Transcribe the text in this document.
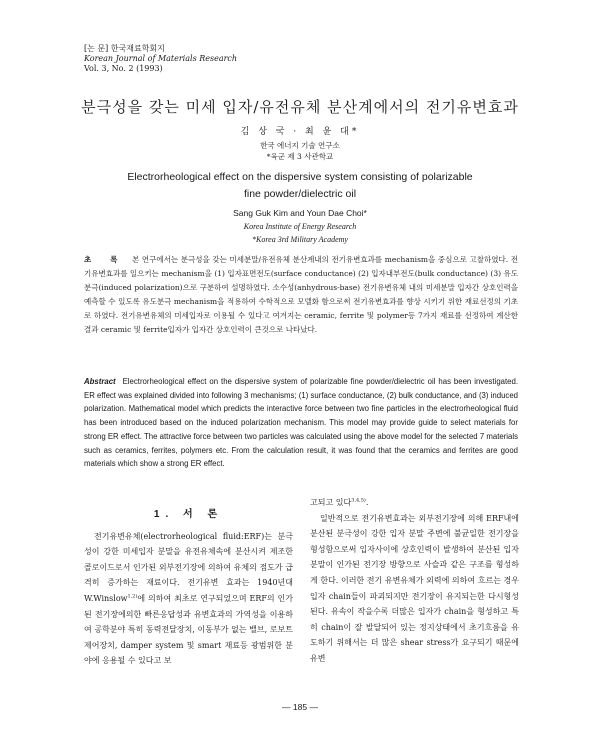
[논 문] 한국재료학회지
Korean Journal of Materials Research
Vol. 3, No. 2 (1993)
분극성을 갖는 미세 입자/유전유체 분산계에서의 전기유변효과
김 상 국 · 최 윤 대*
한국 에너지 기술 연구소
*육군 제 3 사관학교
Electrorheological effect on the dispersive system consisting of polarizable
fine powder/dielectric oil
Sang Guk Kim and Youn Dae Choi*
Korea Institute of Energy Research
*Korea 3rd Military Academy
초 록 본 연구에서는 분극성을 갖는 미세분말/유전유체 분산계내의 전기유변효과를 mechanism을 중심으로 고찰하였다. 전기유변효과를 일으키는 mechanism을 (1) 입자표면전도(surface conductance) (2) 입자내부전도(bulk conductance) (3) 유도분극(induced polarization)으로 구분하여 설명하였다. 소수성(anhydrous-base) 전기유변유체 내의 미세분말 입자간 상호인력을 예측할 수 있도록 유도분극 mechanism을 적용하여 수학적으로 모델화 함으로써 전기유변효과를 향상 시키기 위한 재료선정의 기초로 하였다. 전기유변유체의 미세입자로 이용될 수 있다고 여겨지는 ceramic, ferrite 및 polymer등 7가지 재료를 선정하여 계산한 결과 ceramic 및 ferrite입자가 입자간 상호인력이 큰것으로 나타났다.
Abstract Electrorheological effect on the dispersive system of polarizable fine powder/dielectric oil has been investigated. ER effect was explained divided into following 3 mechanisms; (1) surface conductance, (2) bulk conductance, and (3) induced polarization. Mathematical model which predicts the interactive force between two fine particles in the electrorheological fluid has been introduced based on the induced polarization mechanism. This model may provide guide to select materials for strong ER effect. The attractive force between two particles was calculated using the above model for the selected 7 materials such as ceramics, ferrites, polymers etc. From the calculation result, it was found that the ceramics and ferrites are good materials which show a strong ER effect.
1. 서 론

전기유변유체(electrorheological fluid:ERF)는 분극성이 강한 미세입자 분말을 유전유체속에 분산시켜 제조한 콜로이드로서 인가된 외부전기장에 의하여 유체의 점도가 급격히 증가하는 재료이다. 전기유변 효과는 1940년대 W.Winslow$^{1,2)}$에 의하여 최초로 연구되었으며 ERF의 인가된 전기장에의한 빠른응답성과 유변효과의 가역성을 이용하여 공학분야 특히 동력전달장치, 이동부가 없는 밸브, 로보트 제어장치, damper system 및 smart 재료등 광범위한 분야에 응용될 수 있다고 보

고되고 있다$^{3,4,5)}$.

일반적으로 전기유변효과는 외부전기장에 의해 ERF내에 분산된 분극성이 강한 입자 분말 주변에 불균일한 전기장을 형성함으로써 입자사이에 상호인력이 발생하여 분산된 입자 분말이 인가된 전기장 방향으로 사슬과 같은 구조를 형성하게 한다. 이러한 전기 유변유체가 외력에 의하여 흐르는 경우 입자 chain들이 파괴되지만 전기장이 유지되는한 다시형성된다. 유속이 작을수록 더많은 입자가 chain을 형성하고 특히 chain이 잘 발달되어 있는 정지상태에서 초기흐름을 유도하기 위해서는 더 많은 shear stress가 요구되기 때문에 유변

— 185 —
